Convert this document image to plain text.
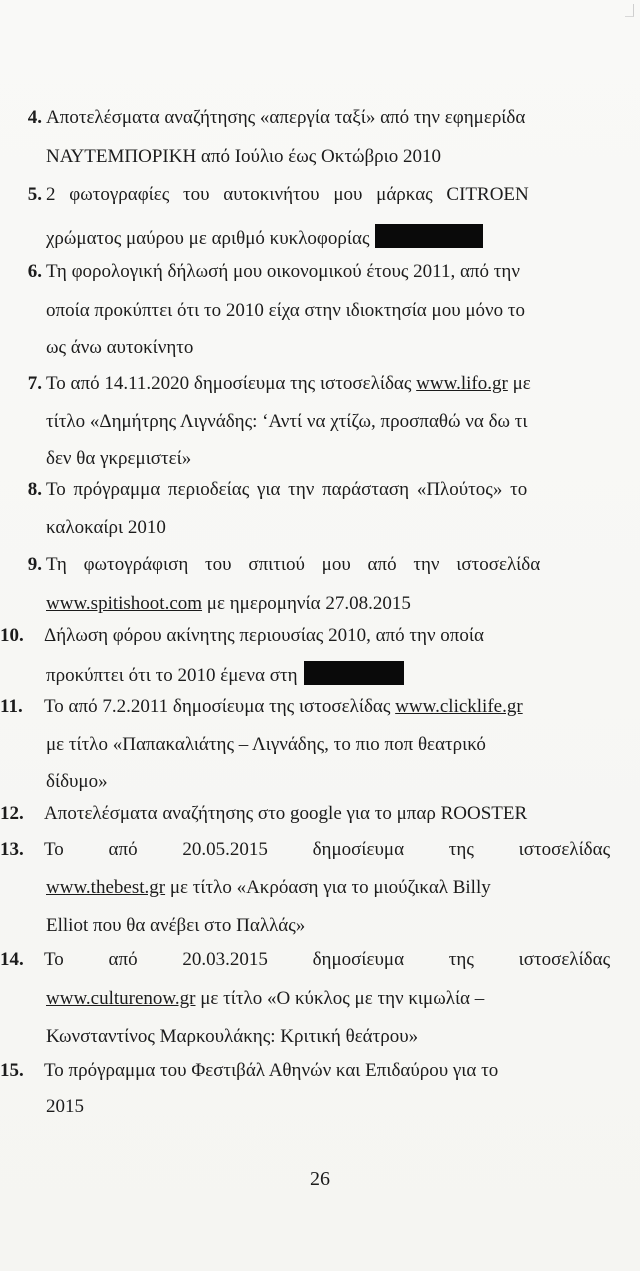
4. Αποτελέσματα αναζήτησης «απεργία ταξί» από την εφημερίδα
ΝΑΥΤΕΜΠΟΡΙΚΗ από Ιούλιο έως Οκτώβριο 2010
5. 2 φωτογραφίες του αυτοκινήτου μου μάρκας CITROEN
χρώματος μαύρου με αριθμό κυκλοφορίας
6. Τη φορολογική δήλωσή μου οικονομικού έτους 2011, από την
οποία προκύπτει ότι το 2010 είχα στην ιδιοκτησία μου μόνο το
ως άνω αυτοκίνητο
7. Το από 14.11.2020 δημοσίευμα της ιστοσελίδας www.lifo.gr με
τίτλο «Δημήτρης Λιγνάδης: ‘Αντί να χτίζω, προσπαθώ να δω τι
δεν θα γκρεμιστεί»
8. Το πρόγραμμα περιοδείας για την παράσταση «Πλούτος» το
καλοκαίρι 2010
9. Τη φωτογράφιση του σπιτιού μου από την ιστοσελίδα
www.spitishoot.com με ημερομηνία 27.08.2015
10.	Δήλωση φόρου ακίνητης περιουσίας 2010, από την οποία
προκύπτει ότι το 2010 έμενα στη
11.	Το από 7.2.2011 δημοσίευμα της ιστοσελίδας www.clicklife.gr
με τίτλο «Παπακαλιάτης – Λιγνάδης, το πιο ποπ θεατρικό
δίδυμο»
12.	Αποτελέσματα αναζήτησης στο google για το μπαρ ROOSTER
13.	Το από 20.05.2015 δημοσίευμα της ιστοσελίδας
www.thebest.gr με τίτλο «Ακρόαση για το μιούζικαλ Billy
Elliot που θα ανέβει στο Παλλάς»
14.	Το από 20.03.2015 δημοσίευμα της ιστοσελίδας
www.culturenow.gr με τίτλο «Ο κύκλος με την κιμωλία –
Κωνσταντίνος Μαρκουλάκης: Κριτική θεάτρου»
15.	Το πρόγραμμα του Φεστιβάλ Αθηνών και Επιδαύρου για το
2015
26
